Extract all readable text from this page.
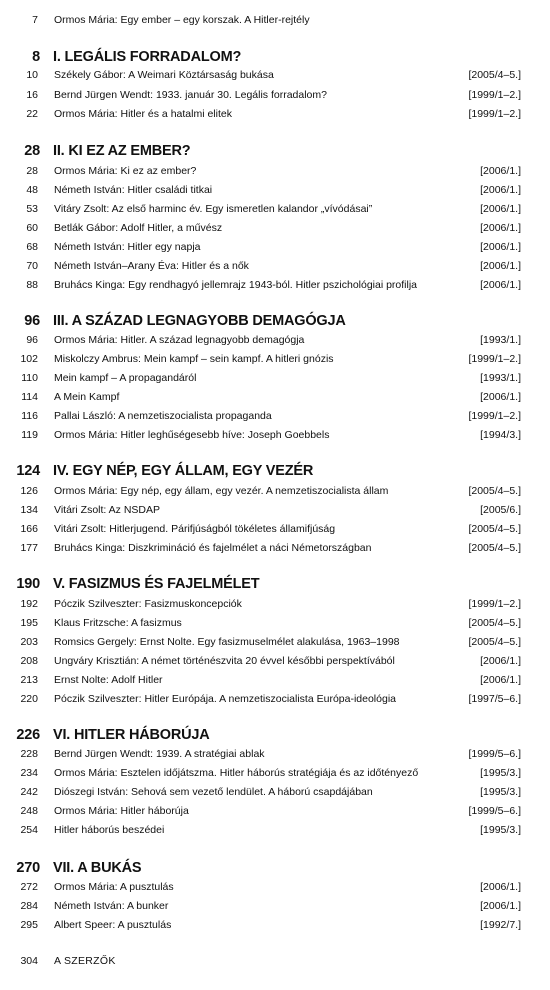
7 Ormos Mária: Egy ember – egy korszak. A Hitler-rejtély
8 I. LEGÁLIS FORRADALOM?
10 Székely Gábor: A Weimari Köztársaság bukása	[2005/4–5.]
16 Bernd Jürgen Wendt: 1933. január 30. Legális forradalom?	[1999/1–2.]
22 Ormos Mária: Hitler és a hatalmi elitek	[1999/1–2.]
28 II. KI EZ AZ EMBER?
28 Ormos Mária: Ki ez az ember?	[2006/1.]
48 Németh István: Hitler családi titkai	[2006/1.]
53 Vitáry Zsolt: Az első harminc év. Egy ismeretlen kalandor „vívódásai”	[2006/1.]
60 Betlák Gábor: Adolf Hitler, a művész	[2006/1.]
68 Németh István: Hitler egy napja	[2006/1.]
70 Németh István–Arany Éva: Hitler és a nők	[2006/1.]
88 Bruhács Kinga: Egy rendhagyó jellemrajz 1943-ból. Hitler pszichológiai profilja	[2006/1.]
96 III. A SZÁZAD LEGNAGYOBB DEMAGÓGJA
96 Ormos Mária: Hitler. A század legnagyobb demagógja	[1993/1.]
102 Miskolczy Ambrus: Mein kampf – sein kampf. A hitleri gnózis	[1999/1–2.]
110 Mein kampf – A propagandáról	[1993/1.]
114 A Mein Kampf	[2006/1.]
116 Pallai László: A nemzetiszocialista propaganda	[1999/1–2.]
119 Ormos Mária: Hitler leghűségesebb híve: Joseph Goebbels	[1994/3.]
124 IV. EGY NÉP, EGY ÁLLAM, EGY VEZÉR
126 Ormos Mária: Egy nép, egy állam, egy vezér. A nemzetiszocialista állam	[2005/4–5.]
134 Vitári Zsolt: Az NSDAP	[2005/6.]
166 Vitári Zsolt: Hitlerjugend. Párifjúságból tökéletes államifjúság	[2005/4–5.]
177 Bruhács Kinga: Diszkrimináció és fajelmélet a náci Németországban	[2005/4–5.]
190 V. FASIZMUS ÉS FAJELMÉLET
192 Póczik Szilveszter: Fasizmuskoncepciók	[1999/1–2.]
195 Klaus Fritzsche: A fasizmus	[2005/4–5.]
203 Romsics Gergely: Ernst Nolte. Egy fasizmuselmélet alakulása, 1963–1998	[2005/4–5.]
208 Ungváry Krisztián: A német történészvita 20 évvel későbbi perspektívából	[2006/1.]
213 Ernst Nolte: Adolf Hitler	[2006/1.]
220 Póczik Szilveszter: Hitler Európája. A nemzetiszocialista Európa-ideológia	[1997/5–6.]
226 VI. HITLER HÁBORÚJA
228 Bernd Jürgen Wendt: 1939. A stratégiai ablak	[1999/5–6.]
234 Ormos Mária: Esztelen időjátszma. Hitler háborús stratégiája és az időtényező	[1995/3.]
242 Diószegi István: Sehová sem vezető lendület. A háború csapdájában	[1995/3.]
248 Ormos Mária: Hitler háborúja	[1999/5–6.]
254 Hitler háborús beszédei	[1995/3.]
270 VII. A BUKÁS
272 Ormos Mária: A pusztulás	[2006/1.]
284 Németh István: A bunker	[2006/1.]
295 Albert Speer: A pusztulás	[1992/7.]
304 A SZERZŐK
